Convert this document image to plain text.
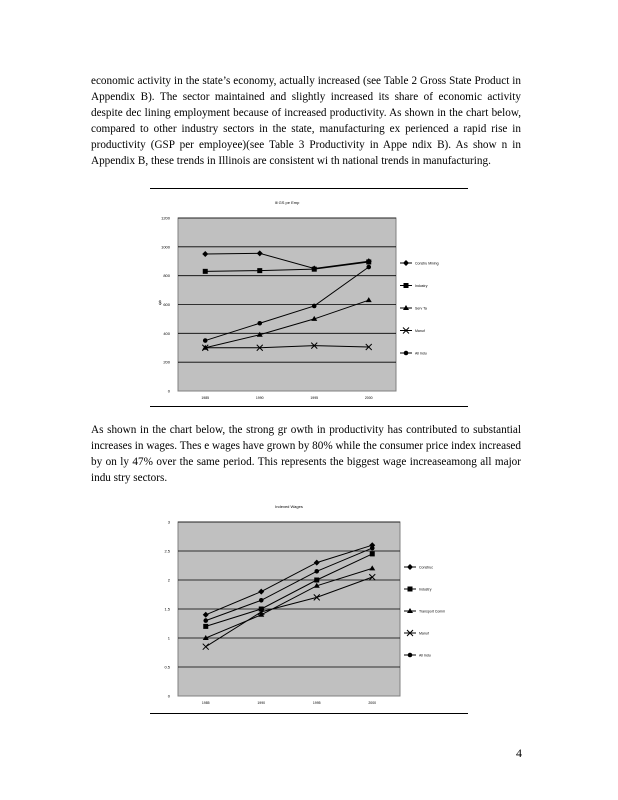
economic activity in the state’s economy, actually increased (see Table 2 Gross State Product in Appendix B). The sector maintained and slightly increased its share of economic activity despite dec lining employment because of increased productivity. As shown in the chart below, compared to other industry sectors in the state, manufacturing ex perienced a rapid rise in productivity (GSP per employee)(see Table 3 Productivity in Appe ndix B). As show n in Appendix B, these trends in Illinois are consistent wi th national trends in manufacturing.

Ill GS pe Emp
0
200
400
600
800
1000
1200
1985	1990	1995	2000
$
Constru Mining
Industry
Serv Ta
Manuf
All Indu

As shown in the chart below, the strong gr owth in productivity has contributed to substantial increases in wages. Thes e wages have grown by 80% while the consumer price index increased by on ly 47% over the same period. This represents the biggest wage increaseamong all major indu stry sectors.

Indexed Wages
0
0.5
1
1.5
2
2.5
3
1985	1990	1995	2000
Construc
Industry
Transport Comm
Manuf
All Indu
4
